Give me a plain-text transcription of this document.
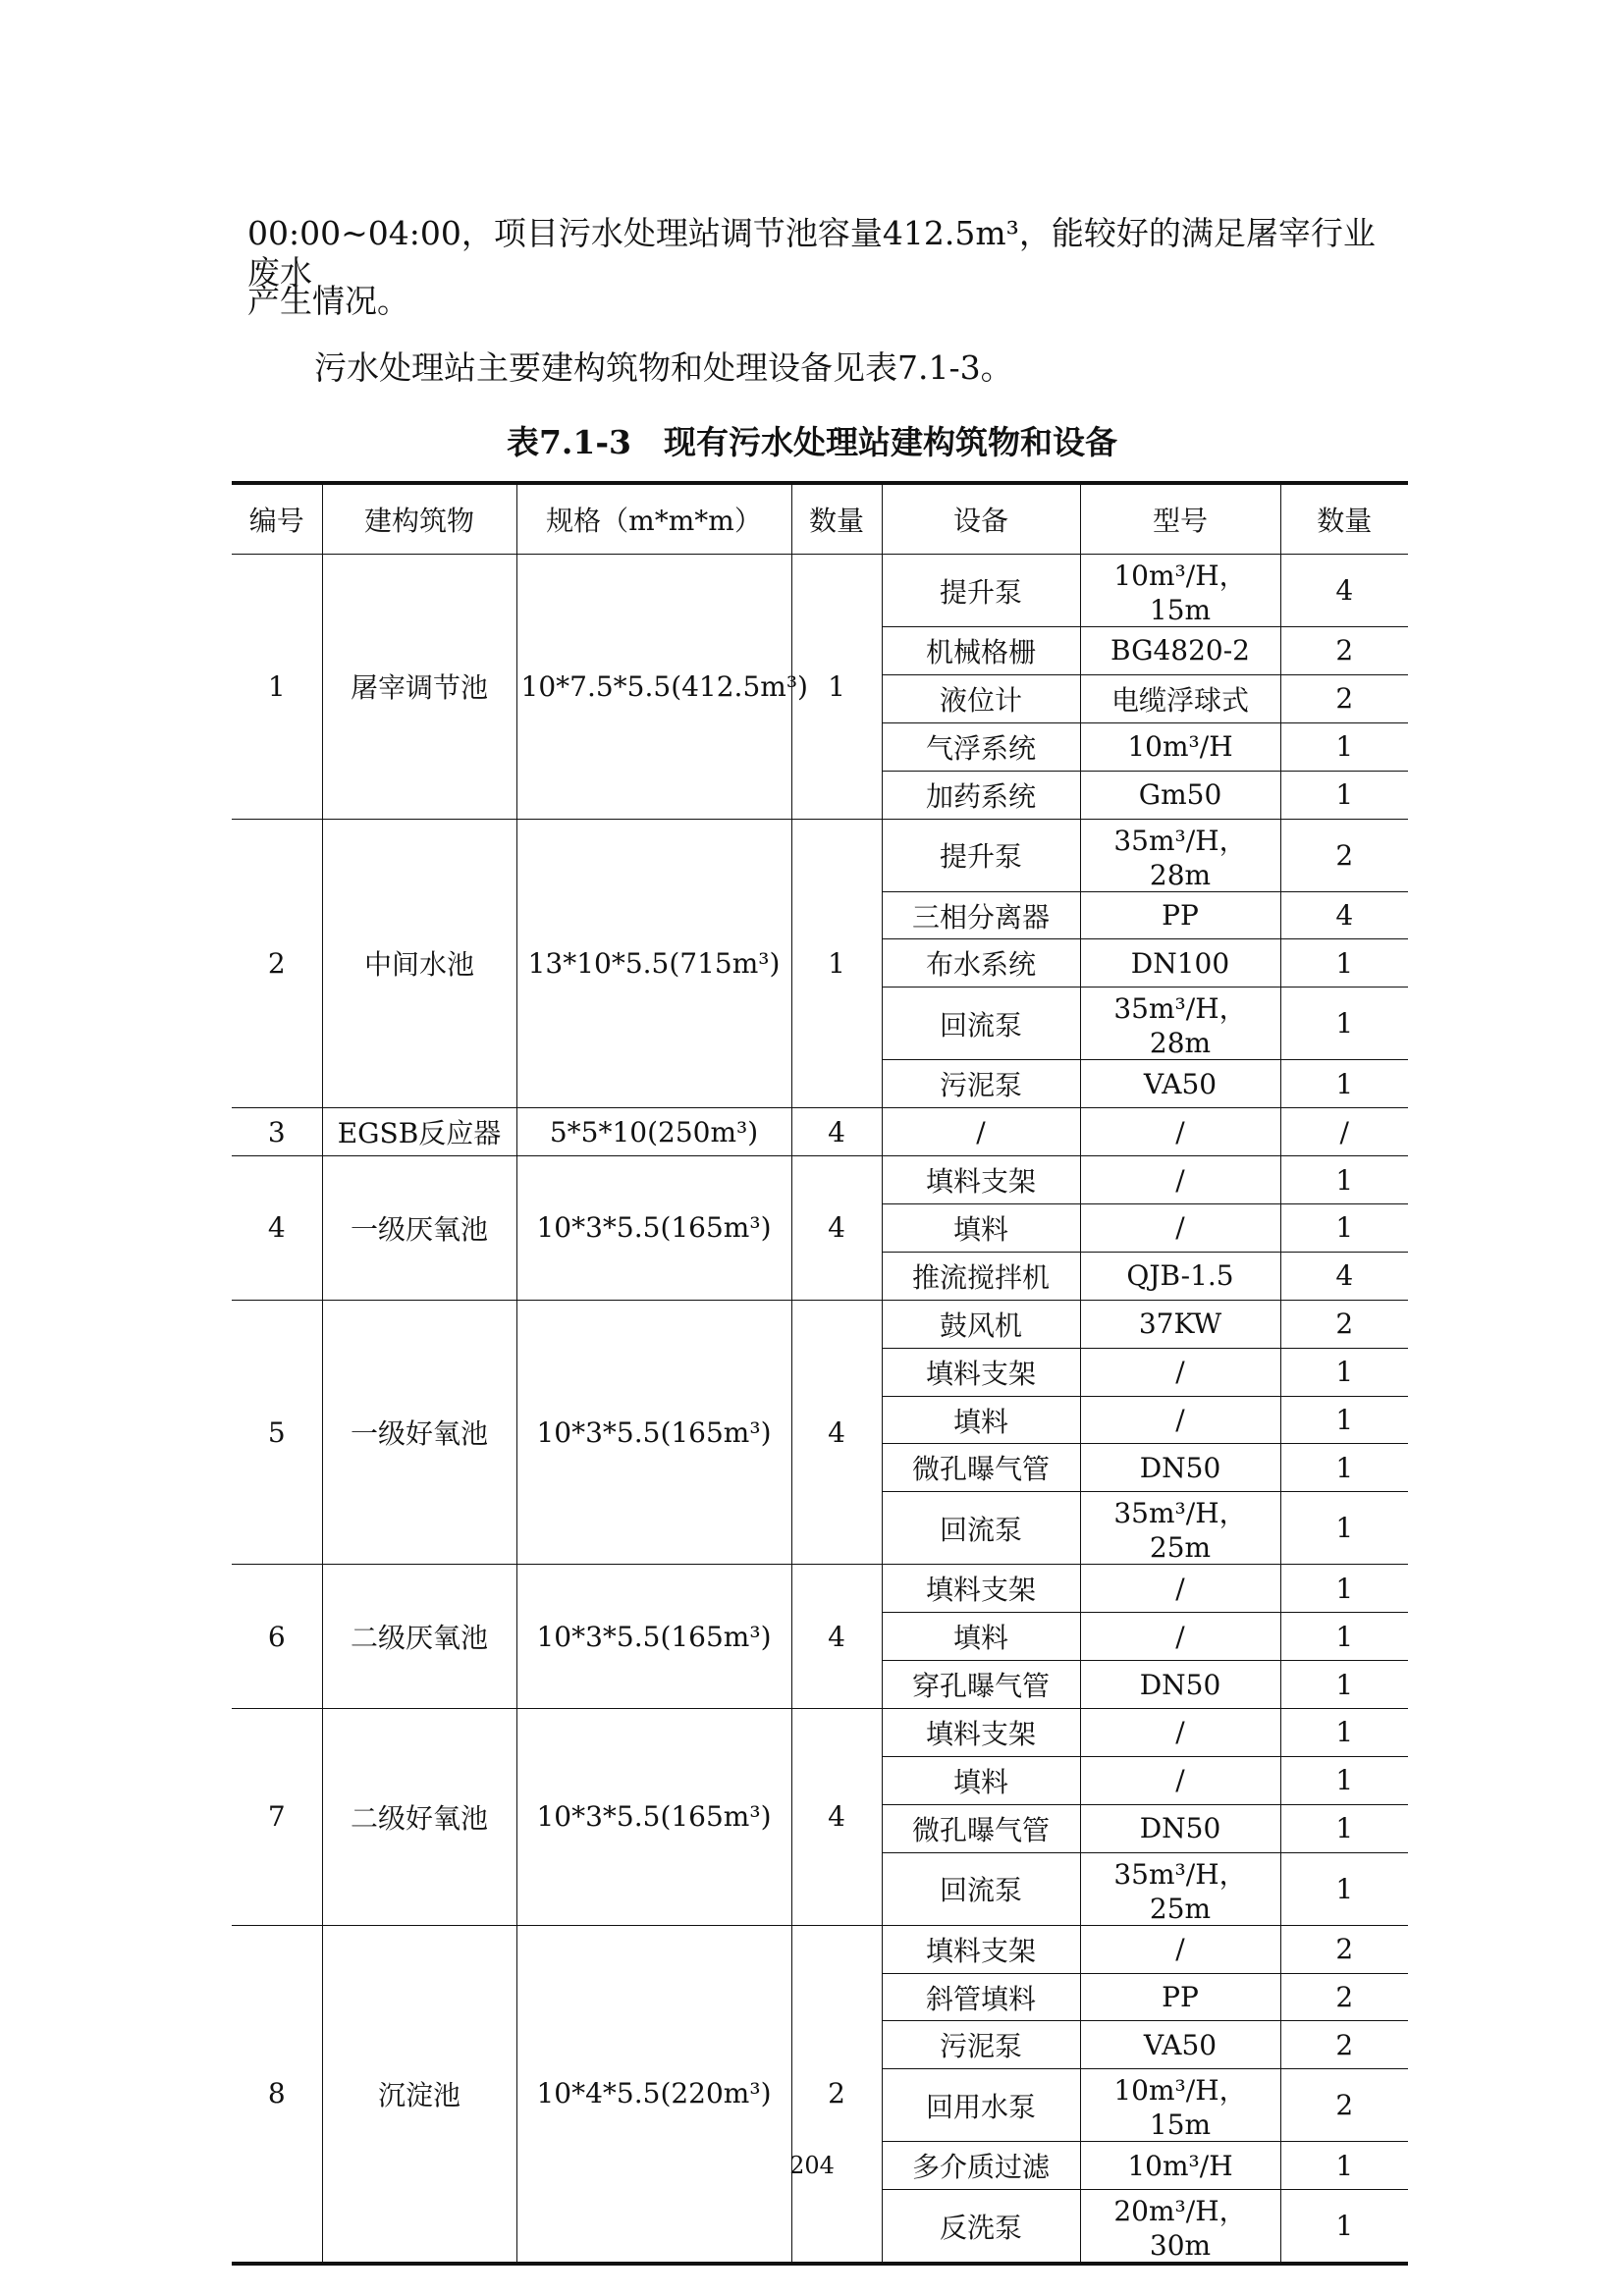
00:00~04:00，项目污水处理站调节池容量412.5m³，能较好的满足屠宰行业废水

产生情况。

污水处理站主要建构筑物和处理设备见表7.1-3。

表7.1-3　现有污水处理站建构筑物和设备
编号	建构筑物	规格（m*m*m）	数量	设备	型号	数量
1	屠宰调节池	10*7.5*5.5(412.5m³)	1	提升泵	10m³/H，15m	4
				机械格栅	BG4820-2	2
				液位计	电缆浮球式	2
				气浮系统	10m³/H	1
				加药系统	Gm50	1
2	中间水池	13*10*5.5(715m³)	1	提升泵	35m³/H，28m	2
				三相分离器	PP	4
				布水系统	DN100	1
				回流泵	35m³/H，28m	1
				污泥泵	VA50	1
3	EGSB反应器	5*5*10(250m³)	4	/	/	/
4	一级厌氧池	10*3*5.5(165m³)	4	填料支架	/	1
				填料	/	1
				推流搅拌机	QJB-1.5	4
5	一级好氧池	10*3*5.5(165m³)	4	鼓风机	37KW	2
				填料支架	/	1
				填料	/	1
				微孔曝气管	DN50	1
				回流泵	35m³/H，25m	1
6	二级厌氧池	10*3*5.5(165m³)	4	填料支架	/	1
				填料	/	1
				穿孔曝气管	DN50	1
7	二级好氧池	10*3*5.5(165m³)	4	填料支架	/	1
				填料	/	1
				微孔曝气管	DN50	1
				回流泵	35m³/H，25m	1
8	沉淀池	10*4*5.5(220m³)	2	填料支架	/	2
				斜管填料	PP	2
				污泥泵	VA50	2
				回用水泵	10m³/H，15m	2
				多介质过滤	10m³/H	1
				反洗泵	20m³/H，30m	1
204
